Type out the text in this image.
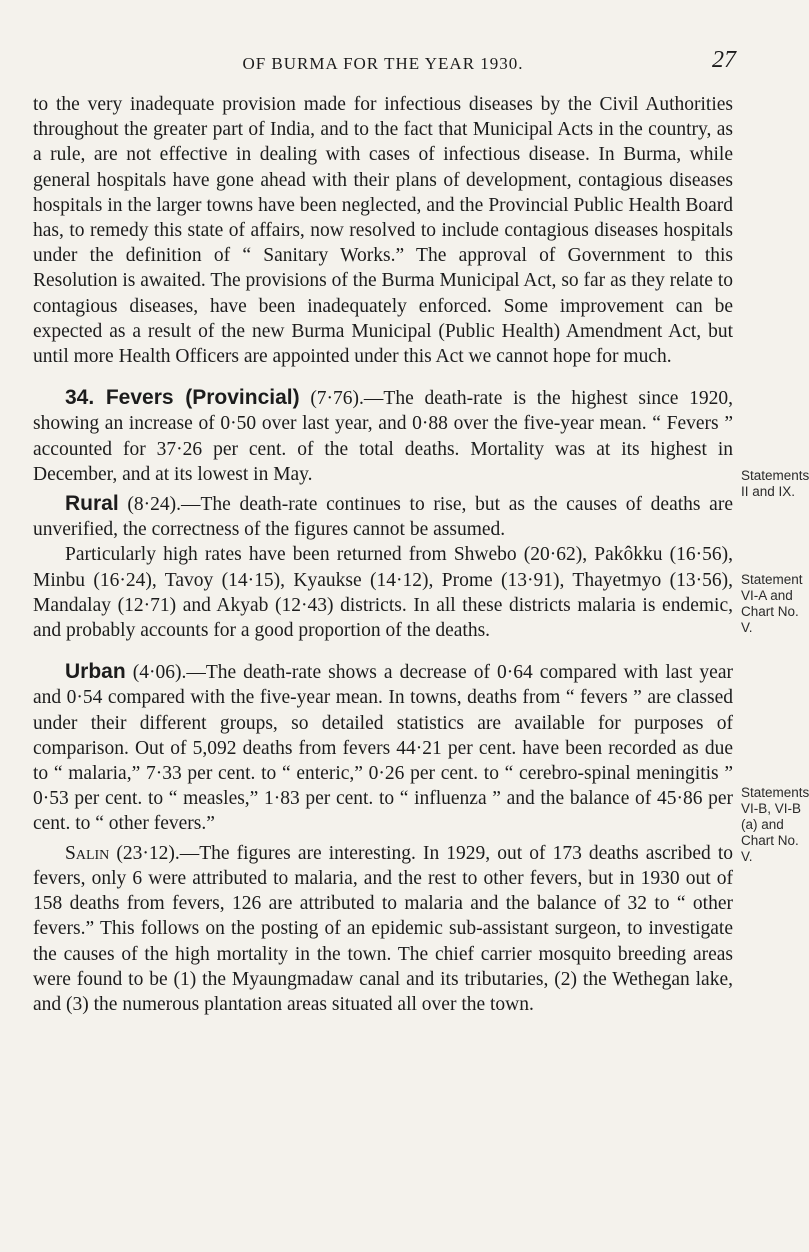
OF BURMA FOR THE YEAR 1930.	27

to the very inadequate provision made for infectious diseases by the Civil Authorities throughout the greater part of India, and to the fact that Municipal Acts in the country, as a rule, are not effective in dealing with cases of infectious disease. In Burma, while general hospitals have gone ahead with their plans of development, contagious diseases hospitals in the larger towns have been neglected, and the Provincial Public Health Board has, to remedy this state of affairs, now resolved to include contagious diseases hospitals under the definition of “ Sanitary Works.” The approval of Government to this Resolution is awaited. The provisions of the Burma Municipal Act, so far as they relate to contagious diseases, have been inadequately enforced. Some improvement can be expected as a result of the new Burma Municipal (Public Health) Amendment Act, but until more Health Officers are appointed under this Act we cannot hope for much.

34. Fevers (Provincial) (7·76).—The death-rate is the highest since 1920, showing an increase of 0·50 over last year, and 0·88 over the five-year mean. “ Fevers ” accounted for 37·26 per cent. of the total deaths. Mortality was at its highest in December, and at its lowest in May.

Rural (8·24).—The death-rate continues to rise, but as the causes of deaths are unverified, the correctness of the figures cannot be assumed.

Particularly high rates have been returned from Shwebo (20·62), Pakôkku (16·56), Minbu (16·24), Tavoy (14·15), Kyaukse (14·12), Prome (13·91), Thayetmyo (13·56), Mandalay (12·71) and Akyab (12·43) districts. In all these districts malaria is endemic, and probably accounts for a good proportion of the deaths.

Urban (4·06).—The death-rate shows a decrease of 0·64 compared with last year and 0·54 compared with the five-year mean. In towns, deaths from “ fevers ” are classed under their different groups, so detailed statistics are available for purposes of comparison. Out of 5,092 deaths from fevers 44·21 per cent. have been recorded as due to “ malaria,” 7·33 per cent. to “ enteric,” 0·26 per cent. to “ cerebro-spinal meningitis ” 0·53 per cent. to “ measles,” 1·83 per cent. to “ influenza ” and the balance of 45·86 per cent. to “ other fevers.”

Salin (23·12).—The figures are interesting. In 1929, out of 173 deaths ascribed to fevers, only 6 were attributed to malaria, and the rest to other fevers, but in 1930 out of 158 deaths from fevers, 126 are attributed to malaria and the balance of 32 to “ other fevers.” This follows on the posting of an epidemic sub-assistant surgeon, to investigate the causes of the high mortality in the town. The chief carrier mosquito breeding areas were found to be (1) the Myaungmadaw canal and its tributaries, (2) the Wethegan lake, and (3) the numerous plantation areas situated all over the town.

Statements II and IX.
Statement VI-A and Chart No. V.
Statements VI-B, VI-B (a) and Chart No. V.
